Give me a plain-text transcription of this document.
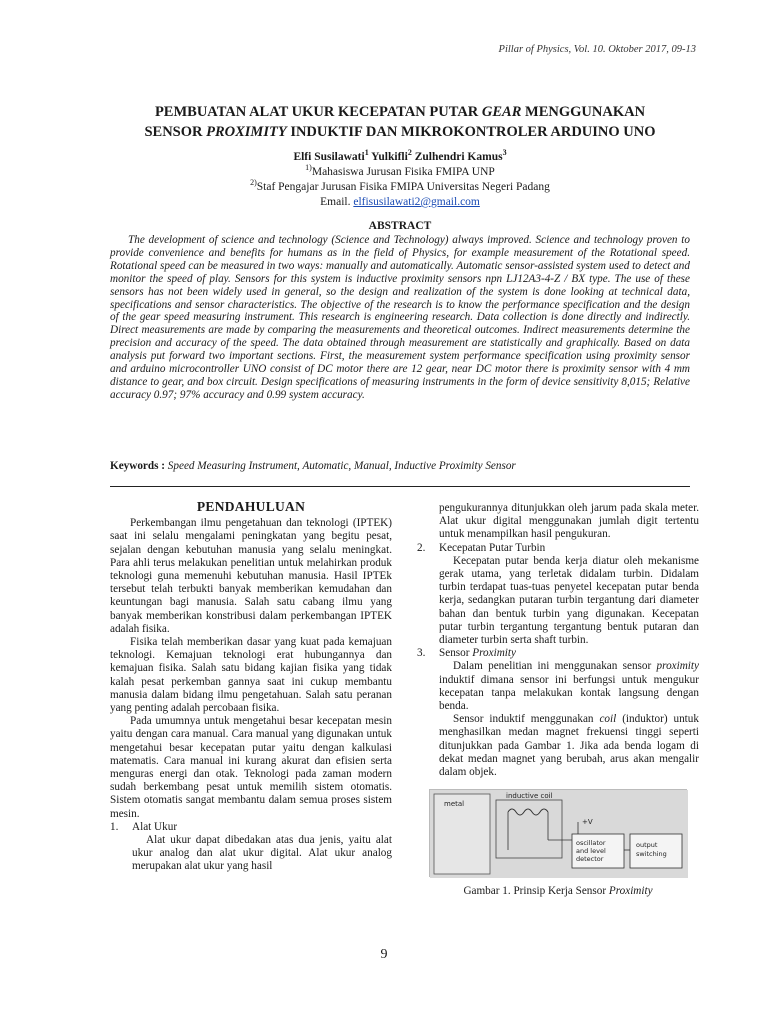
Pillar of Physics, Vol. 10. Oktober 2017, 09-13
PEMBUATAN ALAT UKUR KECEPATAN PUTAR GEAR MENGGUNAKAN
SENSOR PROXIMITY INDUKTIF DAN MIKROKONTROLER ARDUINO UNO
Elfi Susilawati$^1$ Yulkifli$^2$ Zulhendri Kamus$^3$
$^{1)}$Mahasiswa Jurusan Fisika FMIPA UNP
$^{2)}$Staf Pengajar Jurusan Fisika FMIPA Universitas Negeri Padang
Email. elfisusilawati2@gmail.com
ABSTRACT
The development of science and technology (Science and Technology) always improved. Science and technology proven to provide convenience and benefits for humans as in the field of Physics, for example measurement of the Rotational speed. Rotational speed can be measured in two ways: manually and automatically. Automatic sensor-assisted system used to detect and monitor the speed of play. Sensors for this system is inductive proximity sensors npn LJ12A3-4-Z / BX type. The use of these sensors has not been widely used in general, so the design and realization of the system is done looking at technical data, specifications and sensor characteristics. The objective of the research is to know the performance specification and the design of the gear speed measuring instrument. This research is engineering research. Data collection is done directly and indirectly. Direct measurements are made by comparing the measurements and theoretical outcomes. Indirect measurements determine the precision and accuracy of the speed. The data obtained through measurement are statistically and graphically. Based on data analysis put forward two important sections. First, the measurement system performance specification using proximity sensor and arduino microcontroller UNO consist of DC motor there are 12 gear, near DC motor there is proximity sensor with 4 mm distance to gear, and box circuit. Design specifications of measuring instruments in the form of device sensitivity 8,015; Relative accuracy 0.97; 97% accuracy and 0.99 system accuracy.
Keywords : Speed Measuring Instrument, Automatic, Manual, Inductive Proximity Sensor
PENDAHULUAN
Perkembangan ilmu pengetahuan dan teknologi (IPTEK) saat ini selalu mengalami peningkatan yang begitu pesat, sejalan dengan kebutuhan manusia yang selalu meningkat. Para ahli terus melakukan penelitian untuk melahirkan produk teknologi guna memenuhi kebutuhan manusia. Hasil IPTEk tersebut telah terbukti banyak memberikan kemudahan dan keuntungan bagi manusia. Salah satu cabang ilmu yang banyak memberikan konstribusi dalam perkembangan IPTEK adalah fisika.
Fisika telah memberikan dasar yang kuat pada kemajuan teknologi. Kemajuan teknologi erat hubungannya dan kemajuan fisika. Salah satu bidang kajian fisika yang tidak kalah pesat perkemban gannya saat ini cukup membantu manusia dalam bidang ilmu pengetahuan. Salah satu peranan yang penting adalah percobaan fisika.
Pada umumnya untuk mengetahui besar kecepatan mesin yaitu dengan cara manual. Cara manual yang digunakan untuk mengetahui besar kecepatan putar yaitu dengan kalkulasi matematis. Cara manual ini kurang akurat dan efisien serta menguras energi dan otak. Teknologi pada zaman modern sudah berkembang pesat untuk memilih sistem otomatis. Sistem otomatis sangat membantu dalam semua proses sistem mesin.
1.	Alat Ukur
Alat ukur dapat dibedakan atas dua jenis, yaitu alat ukur analog dan alat ukur digital. Alat ukur analog merupakan alat ukur yang hasil
pengukurannya ditunjukkan oleh jarum pada skala meter. Alat ukur digital menggunakan jumlah digit tertentu untuk menampilkan hasil pengukuran.
2.	Kecepatan Putar Turbin
Kecepatan putar benda kerja diatur oleh mekanisme gerak utama, yang terletak didalam turbin. Didalam turbin terdapat tuas-tuas penyetel kecepatan putar benda kerja, sedangkan putaran turbin tergantung dari diameter bahan dan bentuk turbin yang digunakan. Kecepatan putar turbin tergantung tergantung bentuk putaran dan diameter turbin serta shaft turbin.
3.	Sensor Proximity
Dalam penelitian ini menggunakan sensor proximity induktif dimana sensor ini berfungsi untuk mengukur kecepatan tanpa melakukan kontak langsung dengan benda.
Sensor induktif menggunakan coil (induktor) untuk menghasilkan medan magnet frekuensi tinggi seperti ditunjukkan pada Gambar 1. Jika ada benda logam di dekat medan magnet yang berubah, arus akan mengalir dalam objek.
metal
inductive coil
+V
oscillator
and level
detector
output
switching
Gambar 1. Prinsip Kerja Sensor Proximity
9
